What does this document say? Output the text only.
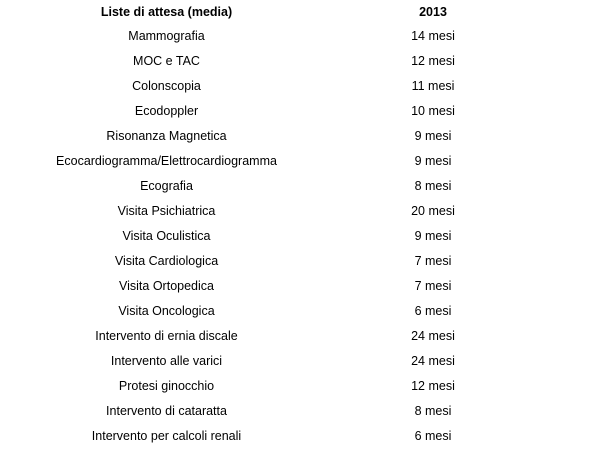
Liste di attesa (media)	2013	
Mammografia	14 mesi	
MOC e TAC	12 mesi	
Colonscopia	11 mesi	
Ecodoppler	10 mesi	
Risonanza Magnetica	9 mesi	
Ecocardiogramma/Elettrocardiogramma	9 mesi	
Ecografia	8 mesi	
Visita Psichiatrica	20 mesi	
Visita Oculistica	9 mesi	
Visita Cardiologica	7 mesi	
Visita Ortopedica	7 mesi	
Visita Oncologica	6 mesi	
Intervento di ernia discale	24 mesi	
Intervento alle varici	24 mesi	
Protesi ginocchio	12 mesi	
Intervento di cataratta	8 mesi	
Intervento per calcoli renali	6 mesi	
